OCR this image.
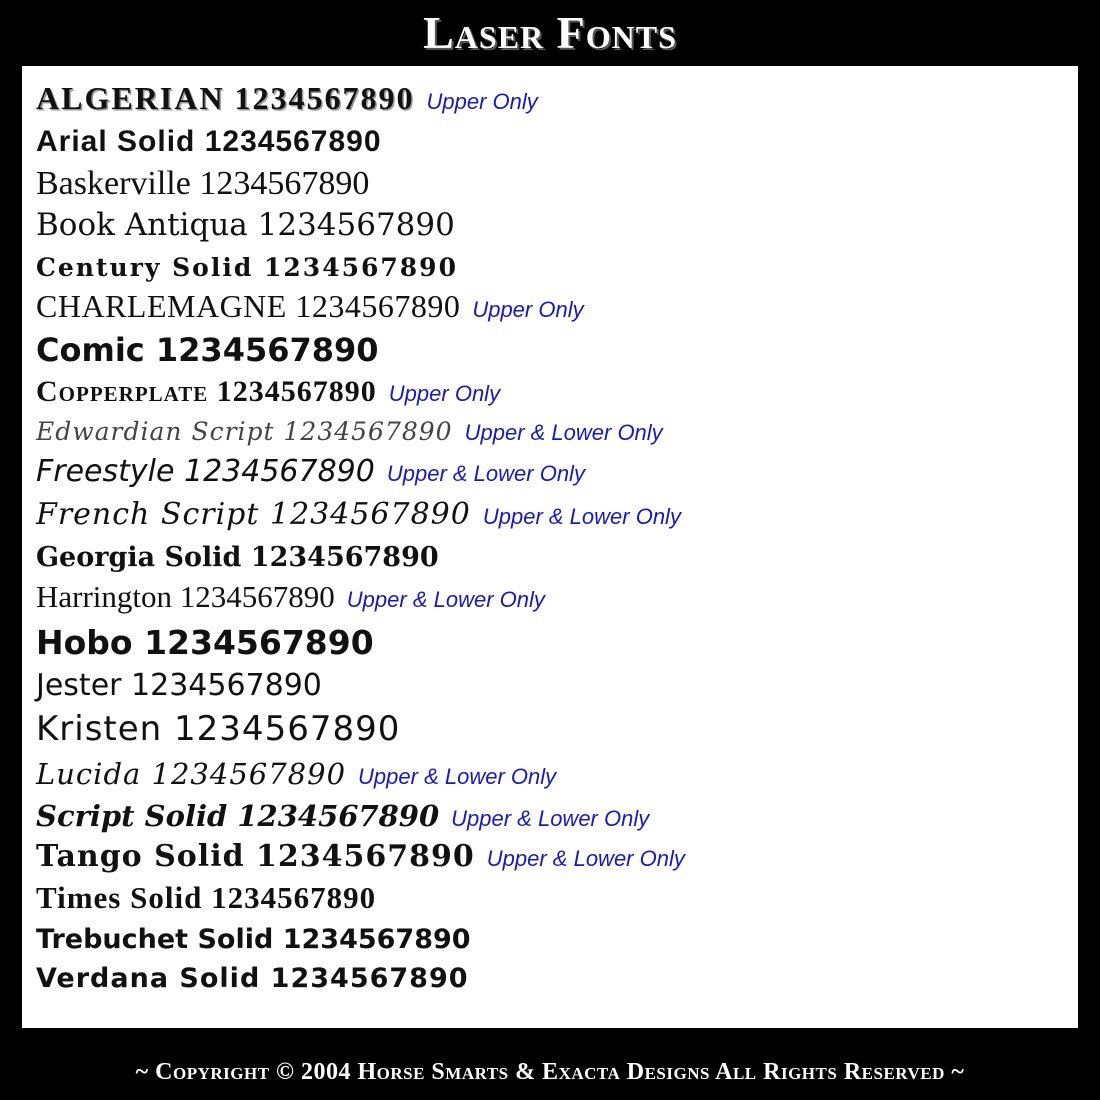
Laser Fonts
ALGERIAN 1234567890 Upper Only
Arial Solid 1234567890
Baskerville 1234567890
Book Antiqua 1234567890
Century Solid 1234567890
CHARLEMAGNE 1234567890 Upper Only
Comic 1234567890
Copperplate 1234567890 Upper Only
Edwardian Script 1234567890 Upper & Lower Only
Freestyle 1234567890 Upper & Lower Only
French Script 1234567890 Upper & Lower Only
Georgia Solid 1234567890
Harrington 1234567890 Upper & Lower Only
Hobo 1234567890
Jester 1234567890
Kristen 1234567890
Lucida 1234567890 Upper & Lower Only
Script Solid 1234567890 Upper & Lower Only
Tango Solid 1234567890 Upper & Lower Only
Times Solid 1234567890
Trebuchet Solid 1234567890
Verdana Solid 1234567890
~ Copyright © 2004 Horse Smarts & Exacta Designs All Rights Reserved ~
